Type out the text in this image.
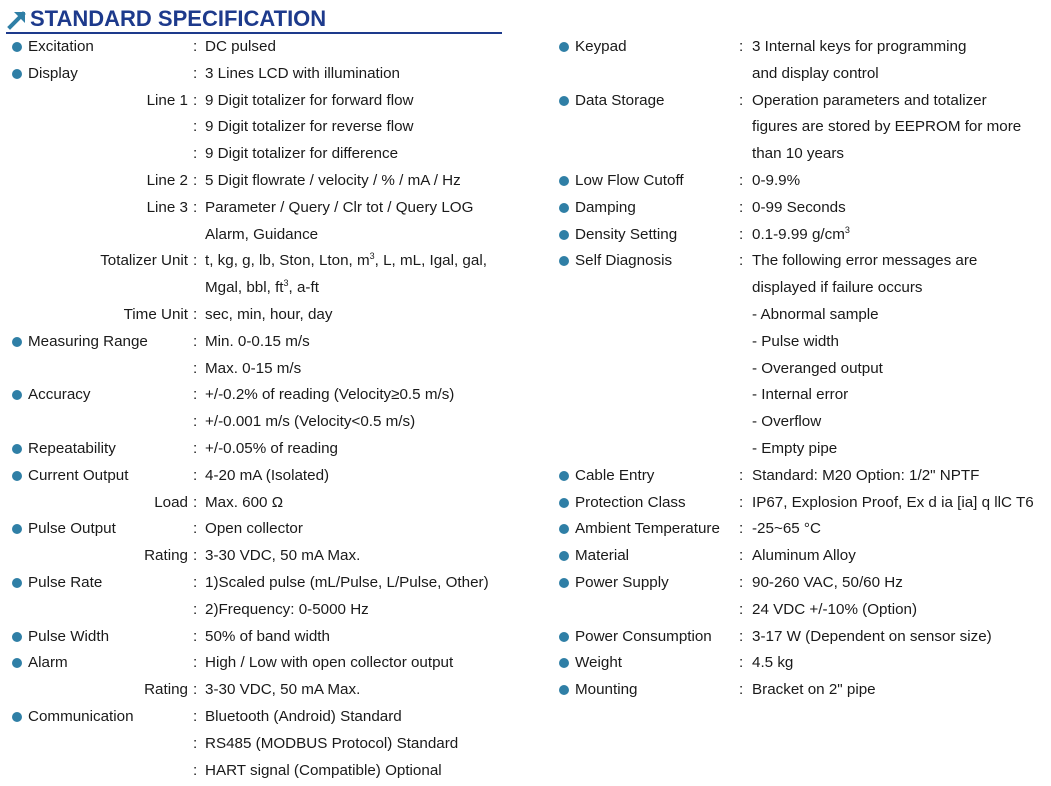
STANDARD SPECIFICATION
Excitation	: DC pulsed
Display	: 3 Lines LCD with illumination
Line 1 : 9 Digit totalizer for forward flow
: 9 Digit totalizer for reverse flow
: 9 Digit totalizer for difference
Line 2 : 5 Digit flowrate / velocity / % / mA / Hz
Line 3 : Parameter / Query / Clr tot / Query LOG
Alarm, Guidance
Totalizer Unit : t, kg, g, lb, Ston, Lton, $m^3$, L, mL, Igal, gal,
Mgal, bbl, $ft^3$, a-ft
Time Unit : sec, min, hour, day
Measuring Range	: Min. 0-0.15 m/s
: Max. 0-15 m/s
Accuracy	: +/-0.2% of reading (Velocity≥0.5 m/s)
: +/-0.001 m/s (Velocity<0.5 m/s)
Repeatability	: +/-0.05% of reading
Current Output	: 4-20 mA (Isolated)
Load : Max. 600 Ω
Pulse Output	: Open collector
Rating : 3-30 VDC, 50 mA Max.
Pulse Rate	: 1)Scaled pulse (mL/Pulse, L/Pulse, Other)
: 2)Frequency: 0-5000 Hz
Pulse Width	: 50% of band width
Alarm	: High / Low with open collector output
Rating : 3-30 VDC, 50 mA Max.
Communication	: Bluetooth (Android) Standard
: RS485 (MODBUS Protocol) Standard
: HART signal (Compatible) Optional
Keypad	: 3 Internal keys for programming
and display control
Data Storage	: Operation parameters and totalizer
figures are stored by EEPROM for more
than 10 years
Low Flow Cutoff	: 0-9.9%
Damping	: 0-99 Seconds
Density Setting	: 0.1-9.99 $g/cm^3$
Self Diagnosis	: The following error messages are
displayed if failure occurs
- Abnormal sample
- Pulse width
- Overanged output
- Internal error
- Overflow
- Empty pipe
Cable Entry	: Standard: M20 Option: 1/2" NPTF
Protection Class	: IP67, Explosion Proof, Ex d ia [ia] q llC T6
Ambient Temperature : -25~65 °C
Material	: Aluminum Alloy
Power Supply	: 90-260 VAC, 50/60 Hz
: 24 VDC +/-10% (Option)
Power Consumption : 3-17 W (Dependent on sensor size)
Weight	: 4.5 kg
Mounting	: Bracket on 2" pipe
